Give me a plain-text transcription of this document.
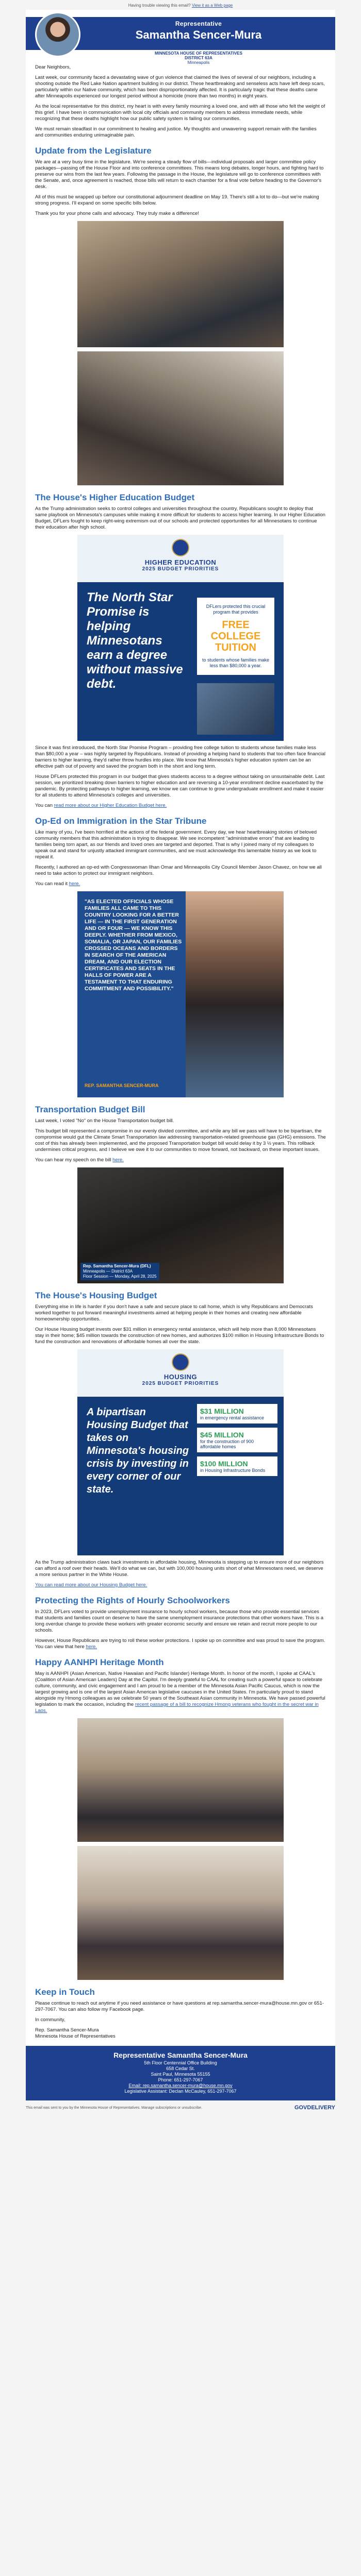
Having trouble viewing this email? View it as a Web page
Representative
Samantha Sencer-Mura
MINNESOTA HOUSE OF REPRESENTATIVES
DISTRICT 63A
Minneapolis

Dear Neighbors,

Last week, our community faced a devastating wave of gun violence that claimed the lives of several of our neighbors, including a shooting outside the Red Lake Nation apartment building in our district. These heartbreaking and senseless acts have left deep scars, particularly within our Native community, which has been disproportionately affected. It is particularly tragic that these deaths came after Minneapolis experienced our longest period without a homicide (more than two months) in eight years.

As the local representative for this district, my heart is with every family mourning a loved one, and with all those who felt the weight of this grief. I have been in communication with local city officials and community members to address immediate needs, while recognizing that these deaths highlight how our public safety system is failing our communities.

We must remain steadfast in our commitment to healing and justice. My thoughts and unwavering support remain with the families and communities enduring unimaginable pain.

Update from the Legislature

We are at a very busy time in the legislature. We're seeing a steady flow of bills—individual proposals and larger committee policy packages—passing off the House Floor and into conference committees. This means long debates, longer hours, and fighting hard to preserve our wins from the last few years. Following the passage in the House, the legislature will go to conference committees with the Senate, and, once agreement is reached, those bills will return to each chamber for a final vote before heading to the Governor's desk.

All of this must be wrapped up before our constitutional adjournment deadline on May 19. There's still a lot to do—but we're making strong progress. I'll expand on some specific bills below.

Thank you for your phone calls and advocacy. They truly make a difference!

The House's Higher Education Budget

As the Trump administration seeks to control colleges and universities throughout the country, Republicans sought to deploy that same playbook on Minnesota's campuses while making it more difficult for students to access higher learning. In our Higher Education Budget, DFLers fought to keep right-wing extremism out of our schools and protected opportunities for all Minnesotans to continue their education after high school.

HIGHER EDUCATION
2025 BUDGET PRIORITIES
The North Star Promise is helping Minnesotans earn a degree without massive debt.
DFLers protected this crucial program that provides
FREE COLLEGE TUITION
to students whose families make less than $80,000 a year.

Since it was first introduced, the North Star Promise Program – providing free college tuition to students whose families make less than $80,000 a year – was highly targeted by Republicans. Instead of providing a helping hand to students that too often face financial barriers to higher learning, they'd rather throw hurdles into place. We know that Minnesota's higher education system can be an effective path out of poverty and saved the program both in the short and long term.

House DFLers protected this program in our budget that gives students access to a degree without taking on unsustainable debt. Last session, we prioritized breaking down barriers to higher education and are reversing a 10-year enrollment decline exacerbated by the pandemic. By protecting pathways to higher learning, we know we can continue to grow undergraduate enrollment and make it easier for all students to attend Minnesota's colleges and universities.

You can read more about our Higher Education Budget here.

Op-Ed on Immigration in the Star Tribune

Like many of you, I've been horrified at the actions of the federal government. Every day, we hear heartbreaking stories of beloved community members that this administration is trying to disappear. We see incompetent "administrative errors" that are leading to families being torn apart, as our friends and loved ones are targeted and deported. That is why I joined many of my colleagues to speak out and stand for unjustly attacked immigrant communities, and we must acknowledge this lamentable history as we look to repeat it.

Recently, I authored an op-ed with Congresswoman Ilhan Omar and Minneapolis City Council Member Jason Chavez, on how we all need to take action to protect our immigrant neighbors.

You can read it here.

"AS ELECTED OFFICIALS WHOSE FAMILIES ALL CAME TO THIS COUNTRY LOOKING FOR A BETTER LIFE — IN THE FIRST GENERATION AND OR FOUR — WE KNOW THIS DEEPLY. WHETHER FROM MEXICO, SOMALIA, OR JAPAN, OUR FAMILIES CROSSED OCEANS AND BORDERS IN SEARCH OF THE AMERICAN DREAM, AND OUR ELECTION CERTIFICATES AND SEATS IN THE HALLS OF POWER ARE A TESTAMENT TO THAT ENDURING COMMITMENT AND POSSIBILITY."
REP. SAMANTHA SENCER-MURA
Transportation Budget Bill

Last week, I voted "No" on the House Transportation budget bill.

This budget bill represented a compromise in our evenly divided committee, and while any bill we pass will have to be bipartisan, the compromise would gut the Climate Smart Transportation law addressing transportation-related greenhouse gas (GHG) emissions. The cost of this has already been implemented, and the proposed Transportation budget bill would delay it by 3 ½ years. This rollback undermines critical progress, and I believe we owe it to our communities to move forward, not backward, on these important issues.

You can hear my speech on the bill here.

Rep. Samantha Sencer-Mura (DFL)
Minneapolis — District 63A
Floor Session — Monday, April 28, 2025
The House's Housing Budget

Everything else in life is harder if you don't have a safe and secure place to call home, which is why Republicans and Democrats worked together to put forward meaningful investments aimed at helping people in their homes and creating new affordable homeownership opportunities.

Our House Housing budget invests over $31 million in emergency rental assistance, which will help more than 8,000 Minnesotans stay in their home; $45 million towards the construction of new homes, and authorizes $100 million in Housing Infrastructure Bonds to fund the construction and renovations of affordable homes all over the state.

HOUSING
2025 BUDGET PRIORITIES
A bipartisan Housing Budget that takes on Minnesota's housing crisis by investing in every corner of our state.
$31 MILLION
in emergency rental assistance
$45 MILLION
for the construction of 900 affordable homes
$100 MILLION
in Housing Infrastructure Bonds

As the Trump administration claws back investments in affordable housing, Minnesota is stepping up to ensure more of our neighbors can afford a roof over their heads. We'll do what we can, but with 100,000 housing units short of what Minnesotans need, we deserve a more serious partner in the White House.

You can read more about our Housing Budget here.

Protecting the Rights of Hourly Schoolworkers

In 2023, DFLers voted to provide unemployment insurance to hourly school workers, because those who provide essential services that students and families count on deserve to have the same unemployment insurance protections that other workers have. This is a long overdue change to provide these workers with greater economic security and ensure we retain and recruit more people to our schools.

However, House Republicans are trying to roll these worker protections. I spoke up on committee and was proud to save the program. You can view that here here.

Happy AANHPI Heritage Month

May is AANHPI (Asian American, Native Hawaiian and Pacific Islander) Heritage Month. In honor of the month, I spoke at CAAL's (Coalition of Asian American Leaders) Day at the Capitol. I'm deeply grateful to CAAL for creating such a powerful space to celebrate culture, community, and civic engagement and I am proud to be a member of the Minnesota Asian Pacific Caucus, which is now the largest growing and is one of the largest Asian American legislative caucuses in the United States. I'm particularly proud to stand alongside my Hmong colleagues as we celebrate 50 years of the Southeast Asian community in Minnesota. We have passed powerful legislation to mark the occasion, including the recent passage of a bill to recognize Hmong veterans who fought in the secret war in Laos.

Keep in Touch

Please continue to reach out anytime if you need assistance or have questions at rep.samantha.sencer-mura@house.mn.gov or 651-297-7067. You can also follow my Facebook page.

In community,

Rep. Samantha Sencer-Mura
Minnesota House of Representatives

Representative Samantha Sencer-Mura
5th Floor Centennial Office Building
658 Cedar St.
Saint Paul, Minnesota 55155
Phone: 651-297-7067
Email: rep.samantha.sencer-mura@house.mn.gov
Legislative Assistant: Declan McCauley, 651-297-7067
This email was sent to you by the Minnesota House of Representatives. Manage subscriptions or unsubscribe.	GOVDELIVERY
